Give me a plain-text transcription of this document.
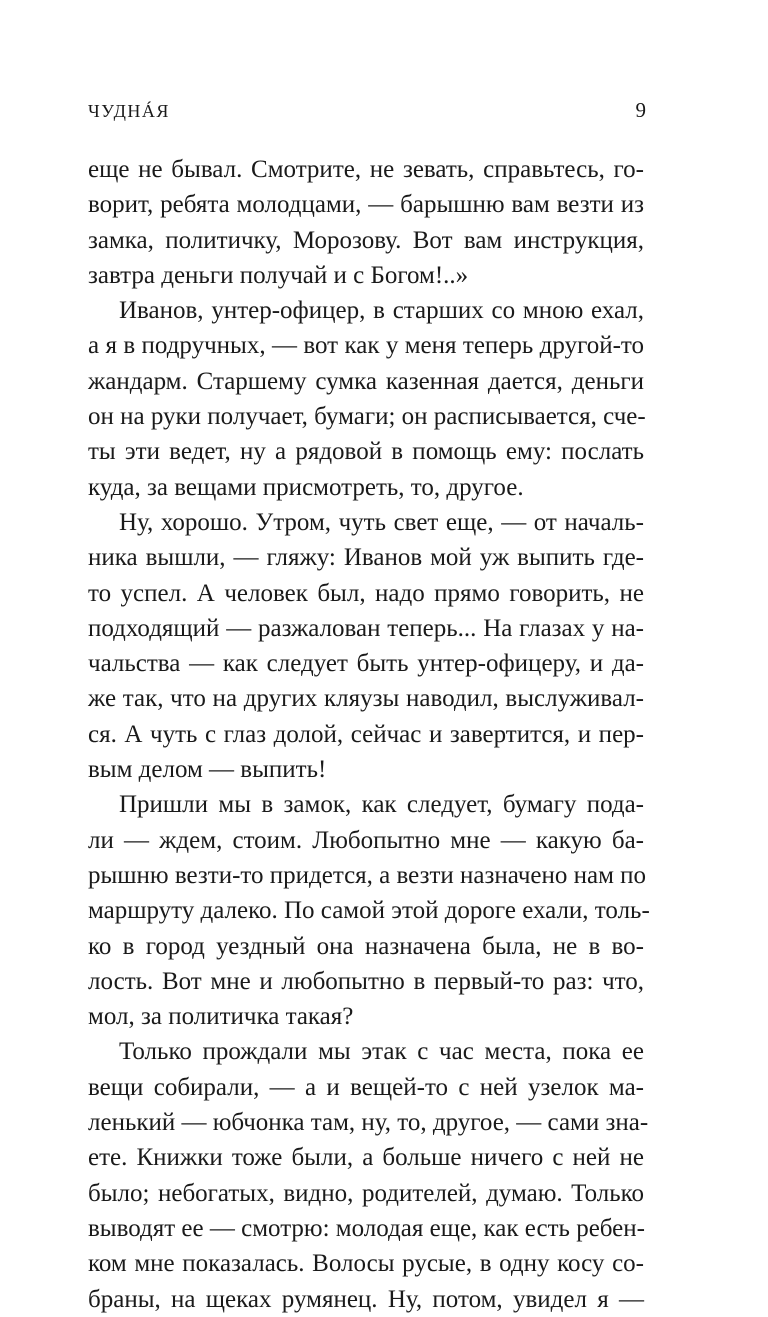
ЧУДНÁЯ	9
еще не бывал. Смотрите, не зевать, справьтесь, го-
ворит, ребята молодцами, — барышню вам везти из
замка, политичку, Морозову. Вот вам инструкция,
завтра деньги получай и с Богом!..»
Иванов, унтер-офицер, в старших со мною ехал,
а я в подручных, — вот как у меня теперь другой-то
жандарм. Старшему сумка казенная дается, деньги
он на руки получает, бумаги; он расписывается, сче-
ты эти ведет, ну а рядовой в помощь ему: послать
куда, за вещами присмотреть, то, другое.
Ну, хорошо. Утром, чуть свет еще, — от началь-
ника вышли, — гляжу: Иванов мой уж выпить где-
то успел. А человек был, надо прямо говорить, не
подходящий — разжалован теперь... На глазах у на-
чальства — как следует быть унтер-офицеру, и да-
же так, что на других кляузы наводил, выслуживал-
ся. А чуть с глаз долой, сейчас и завертится, и пер-
вым делом — выпить!
Пришли мы в замок, как следует, бумагу пода-
ли — ждем, стоим. Любопытно мне — какую ба-
рышню везти-то придется, а везти назначено нам по
маршруту далеко. По самой этой дороге ехали, толь-
ко в город уездный она назначена была, не в во-
лость. Вот мне и любопытно в первый-то раз: что,
мол, за политичка такая?
Только прождали мы этак с час места, пока ее
вещи собирали, — а и вещей-то с ней узелок ма-
ленький — юбчонка там, ну, то, другое, — сами зна-
ете. Книжки тоже были, а больше ничего с ней не
было; небогатых, видно, родителей, думаю. Только
выводят ее — смотрю: молодая еще, как есть ребен-
ком мне показалась. Волосы русые, в одну косу со-
браны, на щеках румянец. Ну, потом, увидел я —
